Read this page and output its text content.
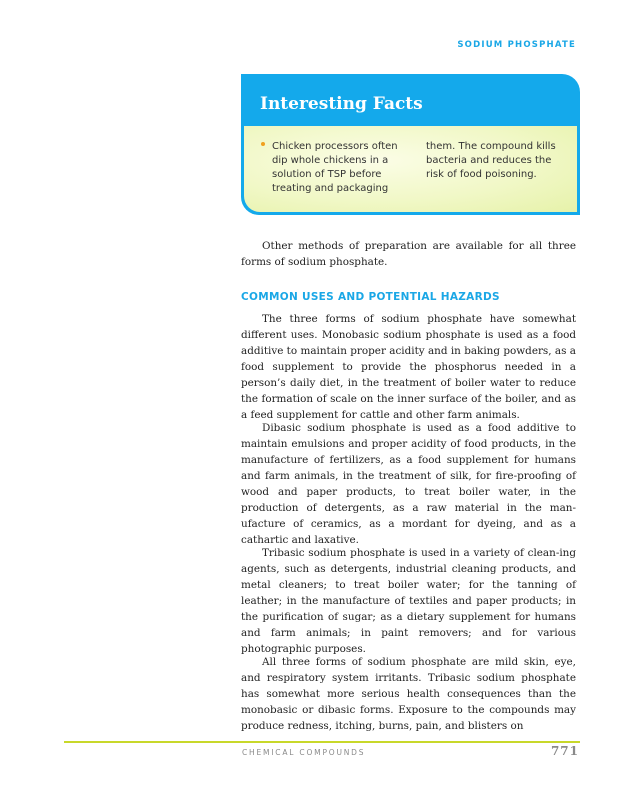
SODIUM PHOSPHATE
Interesting Facts
Chicken processors often dip whole chickens in a solution of TSP before treating and packaging
them. The compound kills bacteria and reduces the risk of food poisoning.

Other methods of preparation are available for all three forms of sodium phosphate.

COMMON USES AND POTENTIAL HAZARDS

The three forms of sodium phosphate have somewhat different uses. Monobasic sodium phosphate is used as a food additive to maintain proper acidity and in baking powders, as a food supplement to provide the phosphorus needed in a person’s daily diet, in the treatment of boiler water to reduce the formation of scale on the inner surface of the boiler, and as a feed supplement for cattle and other farm animals.

Dibasic sodium phosphate is used as a food additive to maintain emulsions and proper acidity of food products, in the manufacture of fertilizers, as a food supplement for humans and farm animals, in the treatment of silk, for fire-proofing of wood and paper products, to treat boiler water, in the production of detergents, as a raw material in the man-ufacture of ceramics, as a mordant for dyeing, and as a cathartic and laxative.

Tribasic sodium phosphate is used in a variety of clean-ing agents, such as detergents, industrial cleaning products, and metal cleaners; to treat boiler water; for the tanning of leather; in the manufacture of textiles and paper products; in the purification of sugar; as a dietary supplement for humans and farm animals; in paint removers; and for various photographic purposes.

All three forms of sodium phosphate are mild skin, eye, and respiratory system irritants. Tribasic sodium phosphate has somewhat more serious health consequences than the monobasic or dibasic forms. Exposure to the compounds may produce redness, itching, burns, pain, and blisters on

CHEMICAL COMPOUNDS	771
